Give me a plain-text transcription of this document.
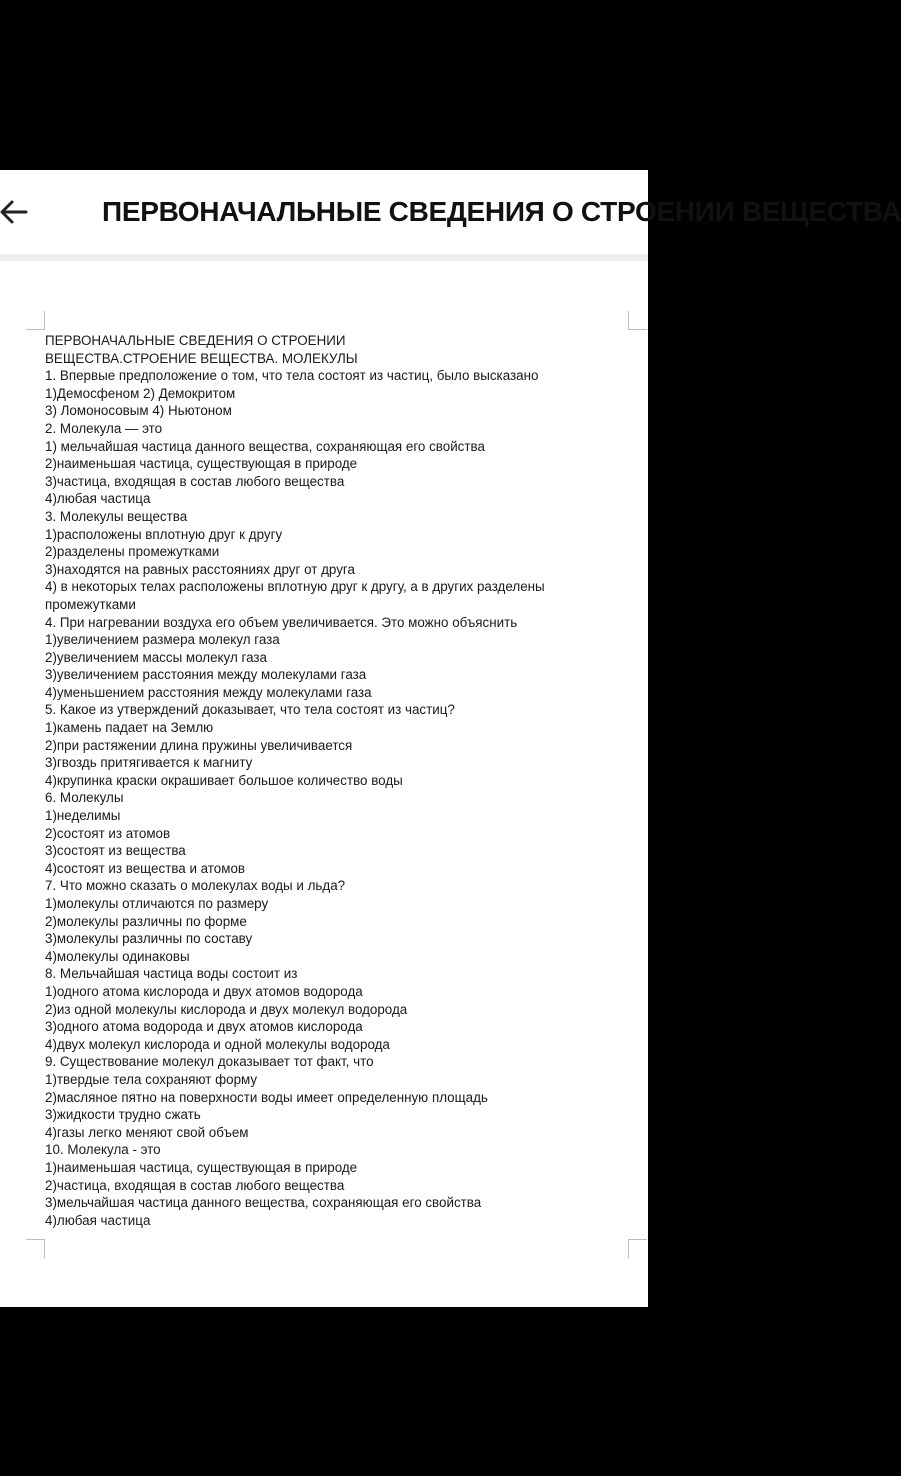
ПЕРВОНАЧАЛЬНЫЕ СВЕДЕНИЯ О СТРОЕНИИ ВЕЩЕСТВА
ПЕРВОНАЧАЛЬНЫЕ СВЕДЕНИЯ О СТРОЕНИИ
ВЕЩЕСТВА.СТРОЕНИЕ ВЕЩЕСТВА. МОЛЕКУЛЫ
1. Впервые предположение о том, что тела состоят из частиц, было высказано
1)Демосфеном 2) Демокритом
3) Ломоносовым 4) Ньютоном
2. Молекула — это
1) мельчайшая частица данного вещества, сохраняющая его свойства
2)наименьшая частица, существующая в природе
3)частица, входящая в состав любого вещества
4)любая частица
3. Молекулы вещества
1)расположены вплотную друг к другу
2)разделены промежутками
3)находятся на равных расстояниях друг от друга
4) в некоторых телах расположены вплотную друг к другу, а в других разделены промежутками
4. При нагревании воздуха его объем увеличивается. Это можно объяснить
1)увеличением размера молекул газа
2)увеличением массы молекул газа
3)увеличением расстояния между молекулами газа
4)уменьшением расстояния между молекулами газа
5. Какое из утверждений доказывает, что тела состоят из частиц?
1)камень падает на Землю
2)при растяжении длина пружины увеличивается
3)гвоздь притягивается к магниту
4)крупинка краски окрашивает большое количество воды
6. Молекулы
1)неделимы
2)состоят из атомов
3)состоят из вещества
4)состоят из вещества и атомов
7. Что можно сказать о молекулах воды и льда?
1)молекулы отличаются по размеру
2)молекулы различны по форме
3)молекулы различны по составу
4)молекулы одинаковы
8. Мельчайшая частица воды состоит из
1)одного атома кислорода и двух атомов водорода
2)из одной молекулы кислорода и двух молекул водорода
3)одного атома водорода и двух атомов кислорода
4)двух молекул кислорода и одной молекулы водорода
9. Существование молекул доказывает тот факт, что
1)твердые тела сохраняют форму
2)масляное пятно на поверхности воды имеет определенную площадь
3)жидкости трудно сжать
4)газы легко меняют свой объем
10. Молекула - это
1)наименьшая частица, существующая в природе
2)частица, входящая в состав любого вещества
3)мельчайшая частица данного вещества, сохраняющая его свойства
4)любая частица
